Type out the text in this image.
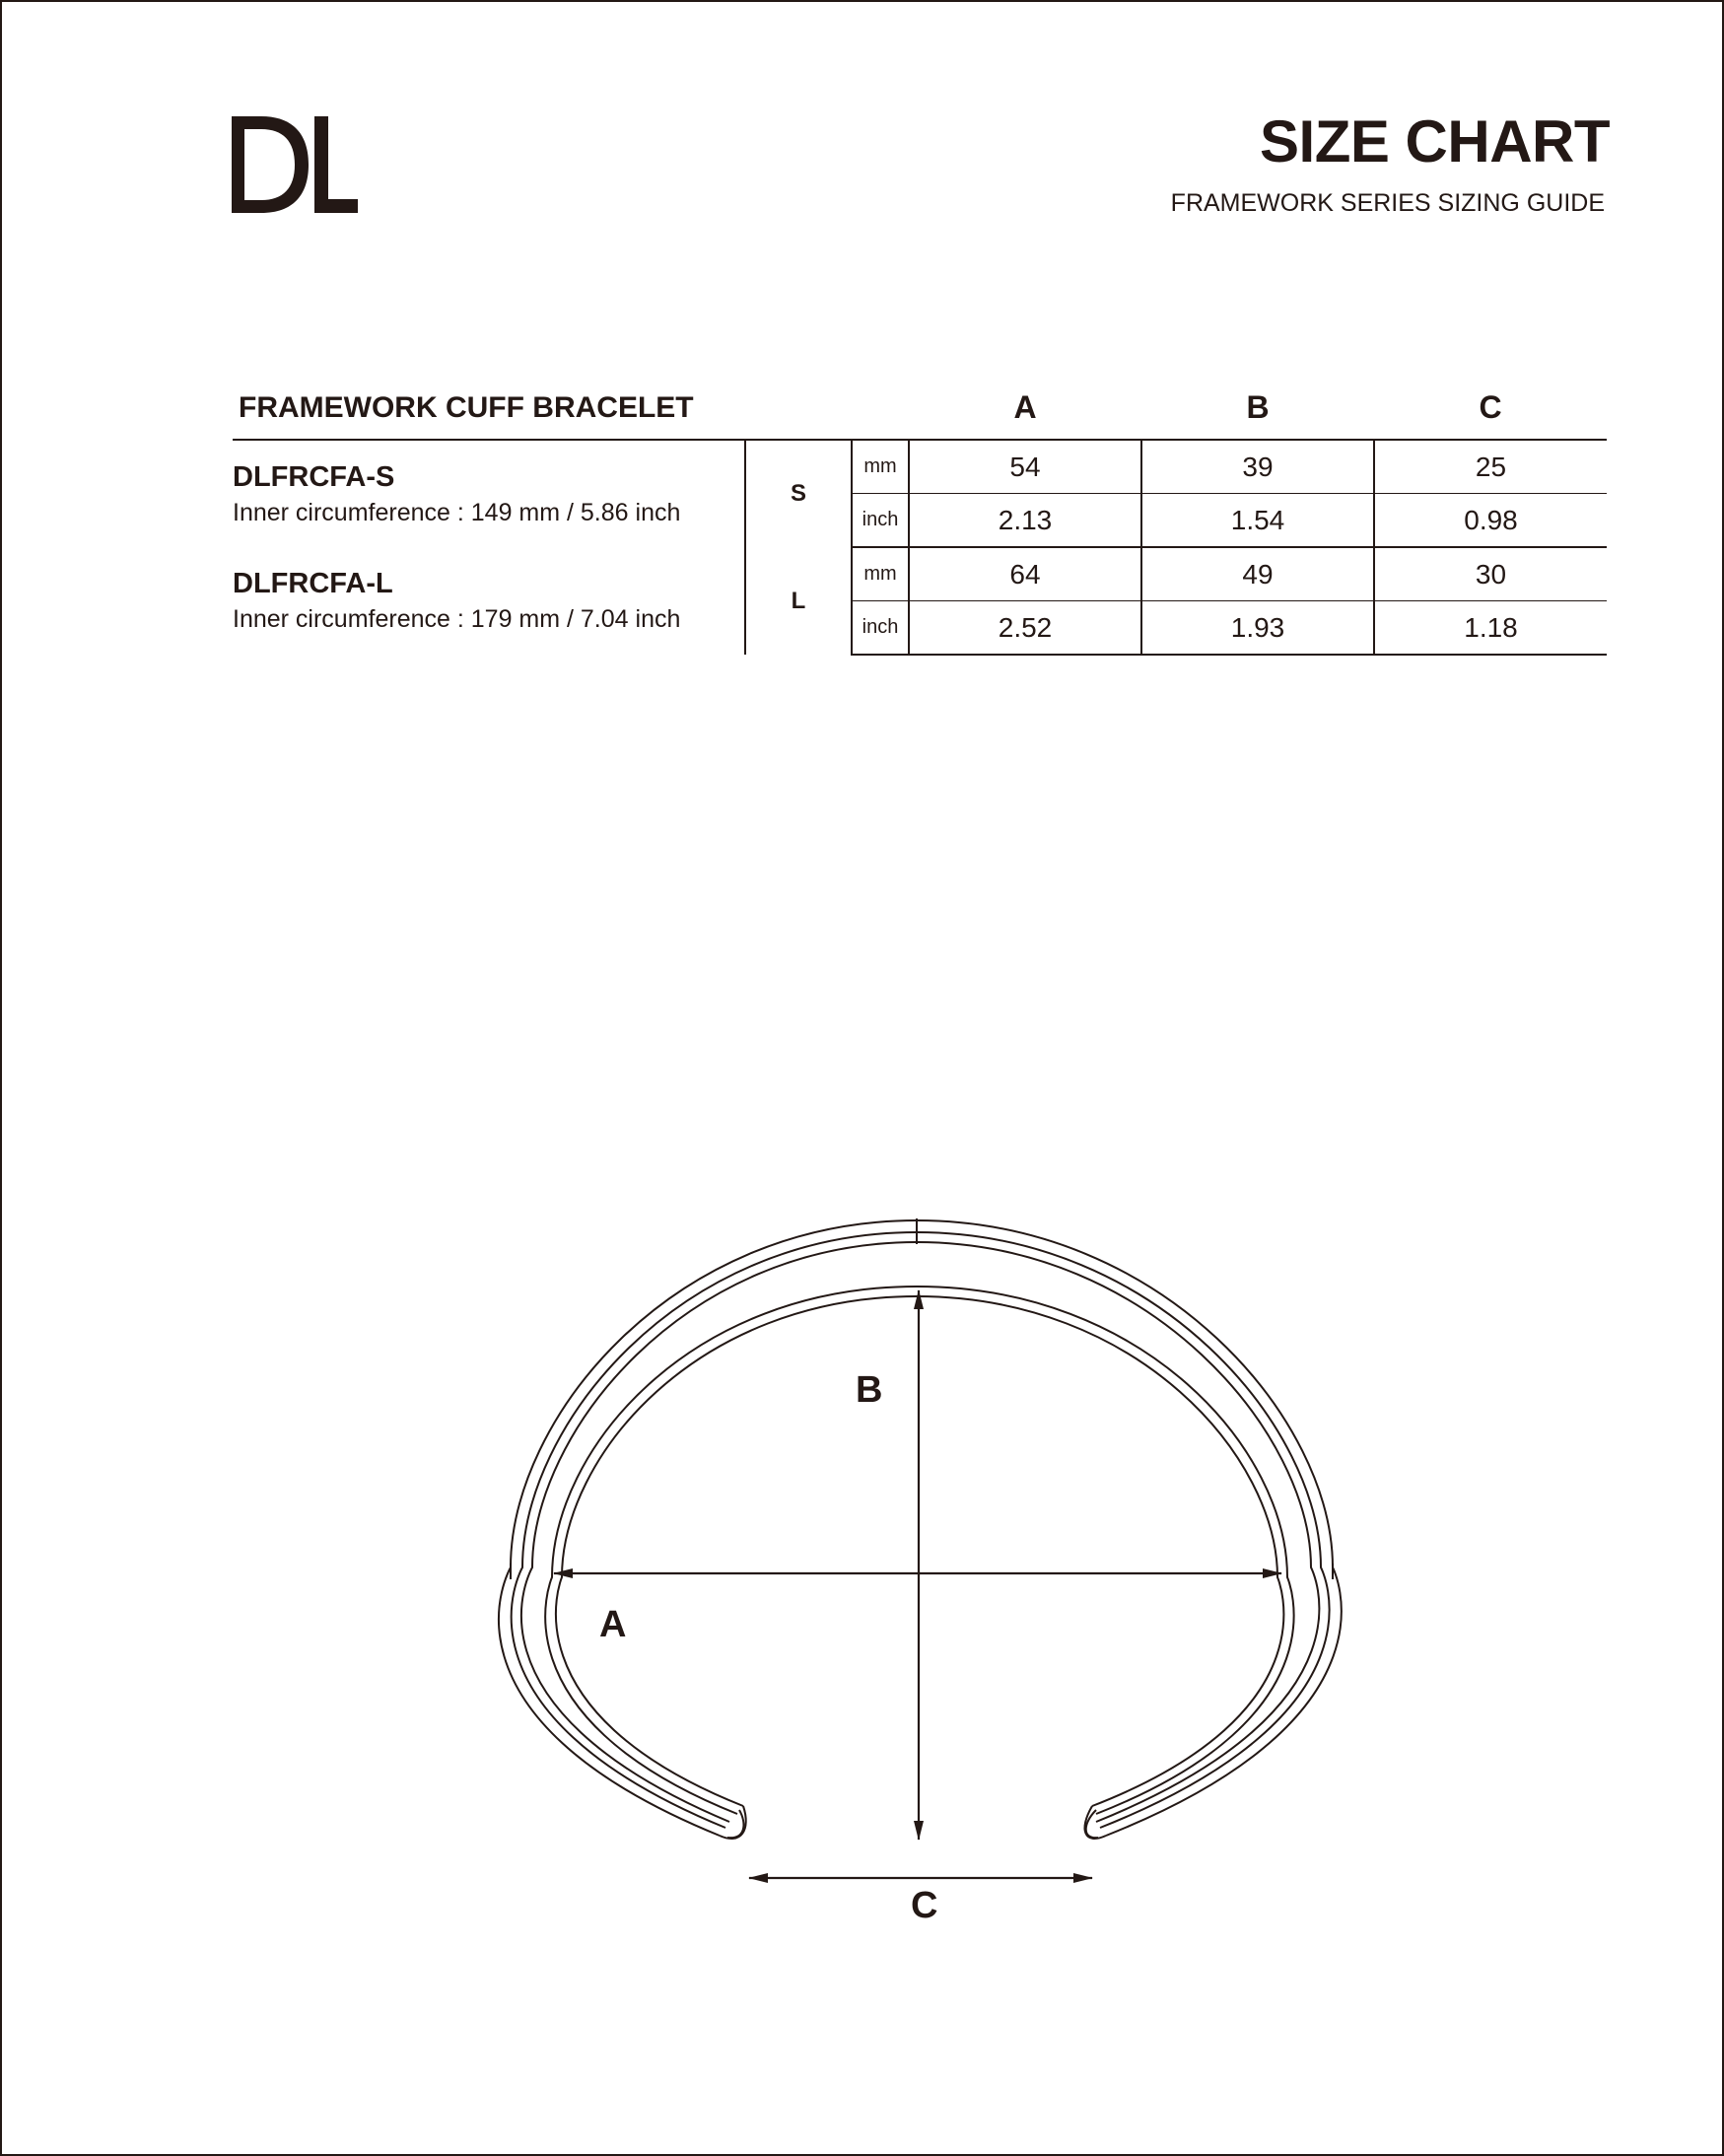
SIZE CHART

FRAMEWORK SERIES SIZING GUIDE

FRAMEWORK CUFF BRACELET			A	B	C

DLFRCFA-S
Inner circumference : 149 mm / 5.86 inch	S	mm	54	39	25
		inch	2.13	1.54	0.98

DLFRCFA-L
Inner circumference : 179 mm / 7.04 inch	L	mm	64	49	30
		inch	2.52	1.93	1.18
B
A
C
